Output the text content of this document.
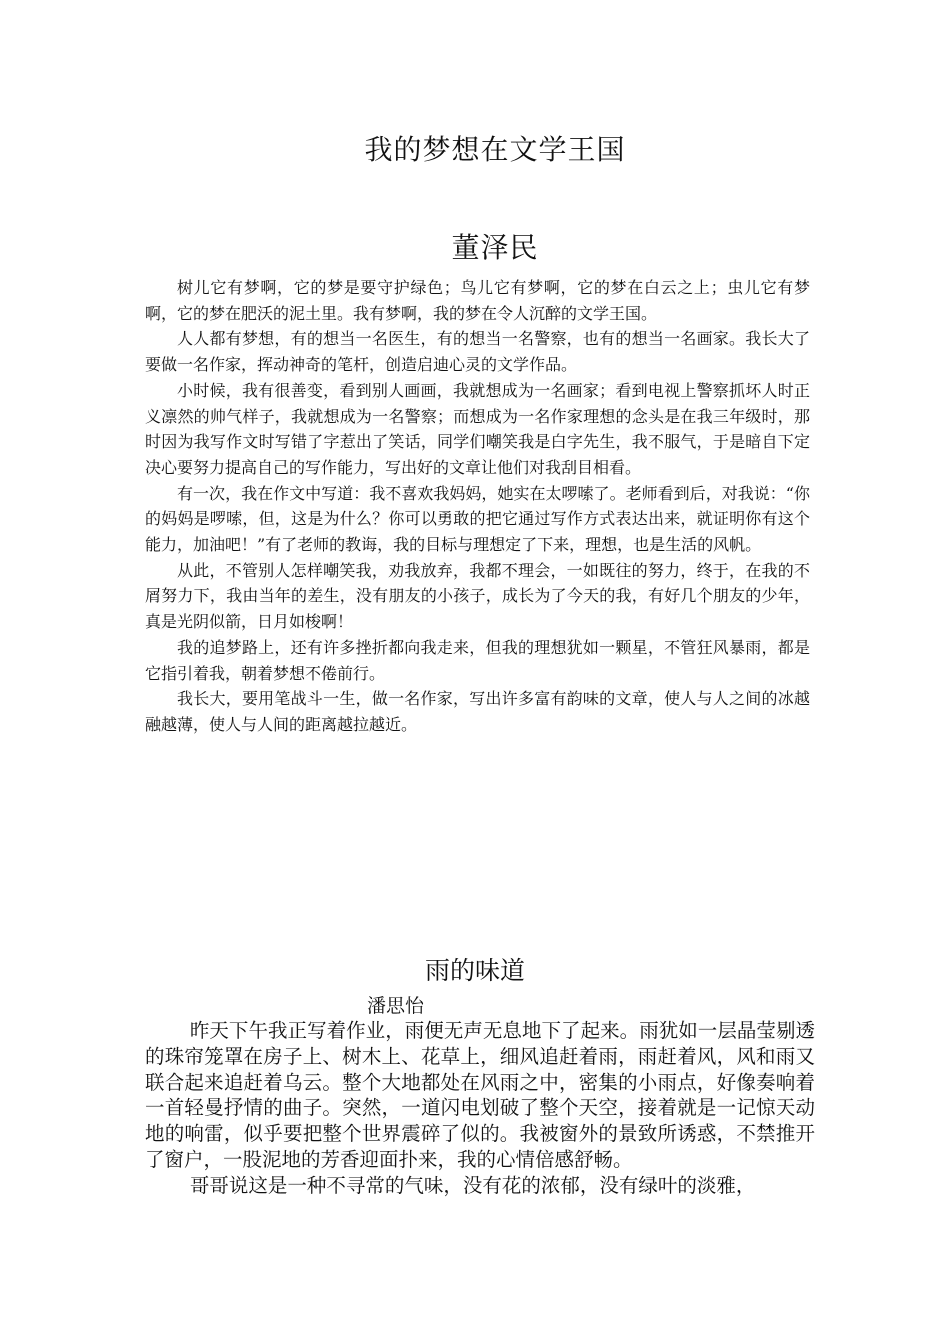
我的梦想在文学王国
董泽民

树儿它有梦啊，它的梦是要守护绿色；鸟儿它有梦啊，它的梦在白云之上；虫儿它有梦啊，它的梦在肥沃的泥土里。我有梦啊，我的梦在令人沉醉的文学王国。

人人都有梦想，有的想当一名医生，有的想当一名警察，也有的想当一名画家。我长大了要做一名作家，挥动神奇的笔杆，创造启迪心灵的文学作品。

小时候，我有很善变，看到别人画画，我就想成为一名画家；看到电视上警察抓坏人时正义凛然的帅气样子，我就想成为一名警察；而想成为一名作家理想的念头是在我三年级时，那时因为我写作文时写错了字惹出了笑话，同学们嘲笑我是白字先生，我不服气，于是暗自下定决心要努力提高自己的写作能力，写出好的文章让他们对我刮目相看。

有一次，我在作文中写道：我不喜欢我妈妈，她实在太啰嗦了。老师看到后，对我说：“你的妈妈是啰嗦，但，这是为什么？你可以勇敢的把它通过写作方式表达出来，就证明你有这个能力，加油吧！”有了老师的教诲，我的目标与理想定了下来，理想，也是生活的风帆。

从此，不管别人怎样嘲笑我，劝我放弃，我都不理会，一如既往的努力，终于，在我的不屑努力下，我由当年的差生，没有朋友的小孩子，成长为了今天的我，有好几个朋友的少年，真是光阴似箭，日月如梭啊！

我的追梦路上，还有许多挫折都向我走来，但我的理想犹如一颗星，不管狂风暴雨，都是它指引着我，朝着梦想不倦前行。

我长大，要用笔战斗一生，做一名作家，写出许多富有韵味的文章，使人与人之间的冰越融越薄，使人与人间的距离越拉越近。

雨的味道
潘思怡

昨天下午我正写着作业，雨便无声无息地下了起来。雨犹如一层晶莹剔透的珠帘笼罩在房子上、树木上、花草上，细风追赶着雨，雨赶着风，风和雨又联合起来追赶着乌云。整个大地都处在风雨之中，密集的小雨点，好像奏响着一首轻曼抒情的曲子。突然，一道闪电划破了整个天空，接着就是一记惊天动地的响雷，似乎要把整个世界震碎了似的。我被窗外的景致所诱惑，不禁推开了窗户，一股泥地的芳香迎面扑来，我的心情倍感舒畅。

哥哥说这是一种不寻常的气味，没有花的浓郁，没有绿叶的淡雅，
